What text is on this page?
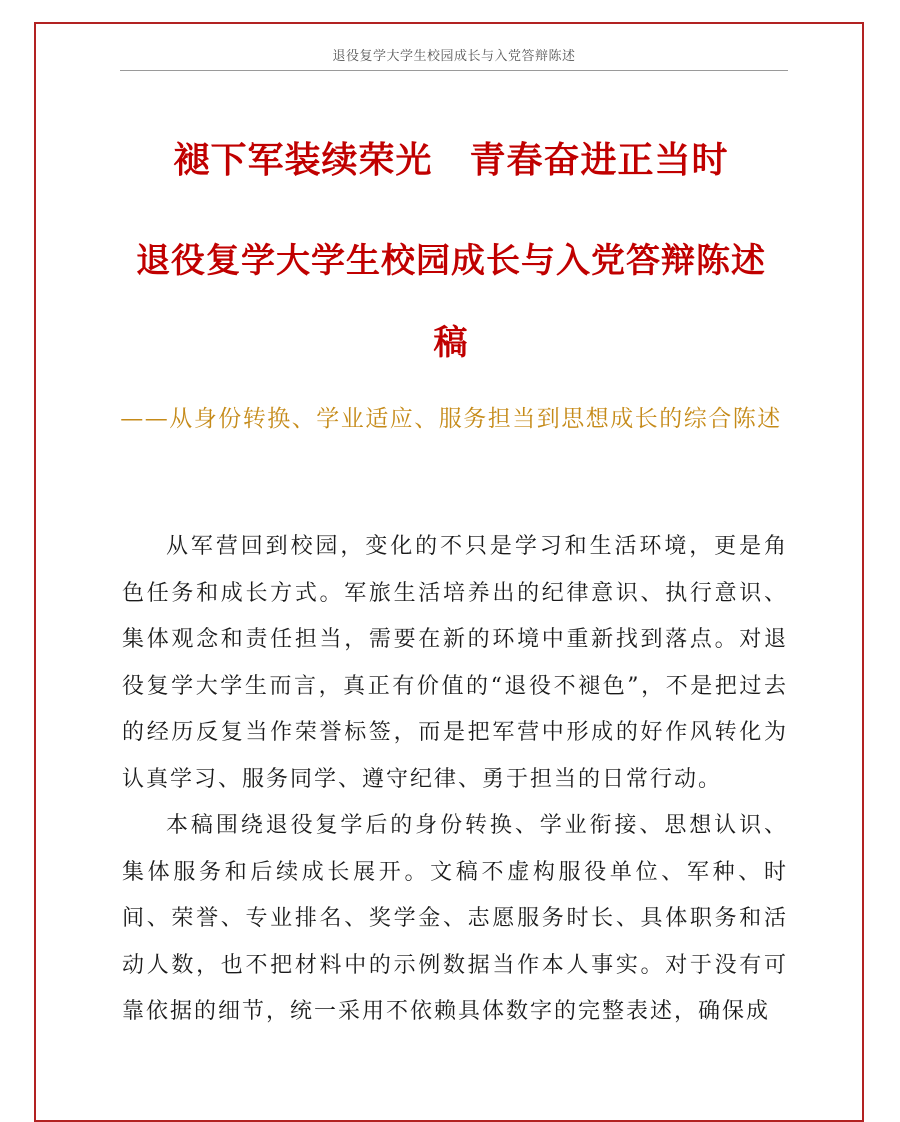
退役复学大学生校园成长与入党答辩陈述
褪下军装续荣光　青春奋进正当时
退役复学大学生校园成长与入党答辩陈述稿
——从身份转换、学业适应、服务担当到思想成长的综合陈述

从军营回到校园，变化的不只是学习和生活环境，更是角色任务和成长方式。军旅生活培养出的纪律意识、执行意识、集体观念和责任担当，需要在新的环境中重新找到落点。对退役复学大学生而言，真正有价值的“退役不褪色”，不是把过去的经历反复当作荣誉标签，而是把军营中形成的好作风转化为认真学习、服务同学、遵守纪律、勇于担当的日常行动。

本稿围绕退役复学后的身份转换、学业衔接、思想认识、集体服务和后续成长展开。文稿不虚构服役单位、军种、时间、荣誉、专业排名、奖学金、志愿服务时长、具体职务和活动人数，也不把材料中的示例数据当作本人事实。对于没有可靠依据的细节，统一采用不依赖具体数字的完整表述，确保成
